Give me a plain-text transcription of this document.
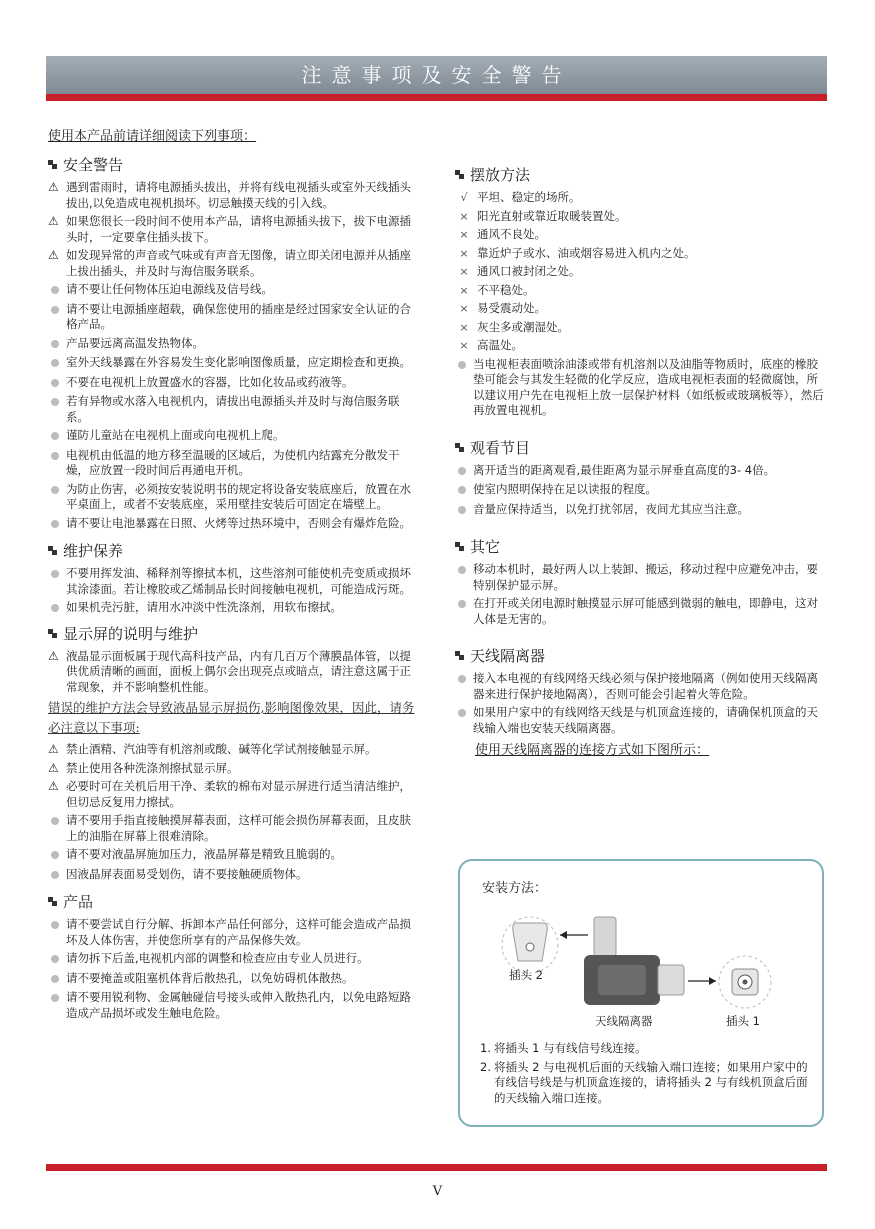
注意事项及安全警告
使用本产品前请详细阅读下列事项：
安全警告
⚠ 遇到雷雨时，请将电源插头拔出，并将有线电视插头或室外天线插头拔出,以免造成电视机损坏。切忌触摸天线的引入线。
⚠ 如果您很长一段时间不使用本产品，请将电源插头拔下，拔下电源插头时，一定要拿住插头拔下。
⚠ 如发现异常的声音或气味或有声音无图像，请立即关闭电源并从插座上拔出插头，并及时与海信服务联系。
请不要让任何物体压迫电源线及信号线。
请不要让电源插座超载，确保您使用的插座是经过国家安全认证的合格产品。
产品要远离高温发热物体。
室外天线暴露在外容易发生变化影响图像质量，应定期检查和更换。
不要在电视机上放置盛水的容器，比如化妆品或药液等。
若有异物或水落入电视机内，请拔出电源插头并及时与海信服务联系。
谨防儿童站在电视机上面或向电视机上爬。
电视机由低温的地方移至温暖的区域后，为使机内结露充分散发干燥，应放置一段时间后再通电开机。
为防止伤害，必须按安装说明书的规定将设备安装底座后，放置在水平桌面上，或者不安装底座，采用壁挂安装后可固定在墙壁上。
请不要让电池暴露在日照、火烤等过热环境中，否则会有爆炸危险。
维护保养
不要用挥发油、稀释剂等擦拭本机，这些溶剂可能使机壳变质或损坏其涂漆面。若让橡胶或乙烯制品长时间接触电视机，可能造成污斑。
如果机壳污脏，请用水冲淡中性洗涤剂，用软布擦拭。
显示屏的说明与维护
⚠ 液晶显示面板属于现代高科技产品，内有几百万个薄膜晶体管，以提供优质清晰的画面，面板上偶尔会出现亮点或暗点，请注意这属于正常现象，并不影响整机性能。
错误的维护方法会导致液晶显示屏损伤,影响图像效果，因此，请务必注意以下事项:
⚠ 禁止酒精、汽油等有机溶剂或酸、碱等化学试剂接触显示屏。
⚠ 禁止使用各种洗涤剂擦拭显示屏。
⚠ 必要时可在关机后用干净、柔软的棉布对显示屏进行适当清洁维护，但切忌反复用力擦拭。
请不要用手指直接触摸屏幕表面，这样可能会损伤屏幕表面，且皮肤上的油脂在屏幕上很难清除。
请不要对液晶屏施加压力，液晶屏幕是精致且脆弱的。
因液晶屏表面易受划伤，请不要接触硬质物体。
产品
请不要尝试自行分解、拆卸本产品任何部分，这样可能会造成产品损坏及人体伤害，并使您所享有的产品保修失效。
请勿拆下后盖,电视机内部的调整和检查应由专业人员进行。
请不要掩盖或阻塞机体背后散热孔，以免妨碍机体散热。
请不要用锐利物、金属触碰信号接头或伸入散热孔内，以免电路短路造成产品损坏或发生触电危险。
摆放方法
√ 平坦、稳定的场所。
× 阳光直射或靠近取暖装置处。
× 通风不良处。
× 靠近炉子或水、油或烟容易进入机内之处。
× 通风口被封闭之处。
× 不平稳处。
× 易受震动处。
× 灰尘多或潮湿处。
× 高温处。
当电视柜表面喷涂油漆或带有机溶剂以及油脂等物质时，底座的橡胶垫可能会与其发生轻微的化学反应，造成电视柜表面的轻微腐蚀，所以建议用户先在电视柜上放一层保护材料（如纸板或玻璃板等），然后再放置电视机。
观看节目
离开适当的距离观看,最佳距离为显示屏垂直高度的3- 4倍。
使室内照明保持在足以读报的程度。
音量应保持适当，以免打扰邻居，夜间尤其应当注意。
其它
移动本机时，最好两人以上装卸、搬运，移动过程中应避免冲击，要特别保护显示屏。
在打开或关闭电源时触摸显示屏可能感到微弱的触电，即静电，这对人体是无害的。
天线隔离器
接入本电视的有线网络天线必须与保护接地隔离（例如使用天线隔离器来进行保护接地隔离），否则可能会引起着火等危险。
如果用户家中的有线网络天线是与机顶盒连接的，请确保机顶盒的天线输入端也安装天线隔离器。
使用天线隔离器的连接方式如下图所示：
安装方法：
插头 2
天线隔离器	插头 1
1. 将插头 1 与有线信号线连接。
2. 将插头 2 与电视机后面的天线输入端口连接；如果用户家中的有线信号线是与机顶盒连接的，请将插头 2 与有线机顶盒后面的天线输入端口连接。
V
